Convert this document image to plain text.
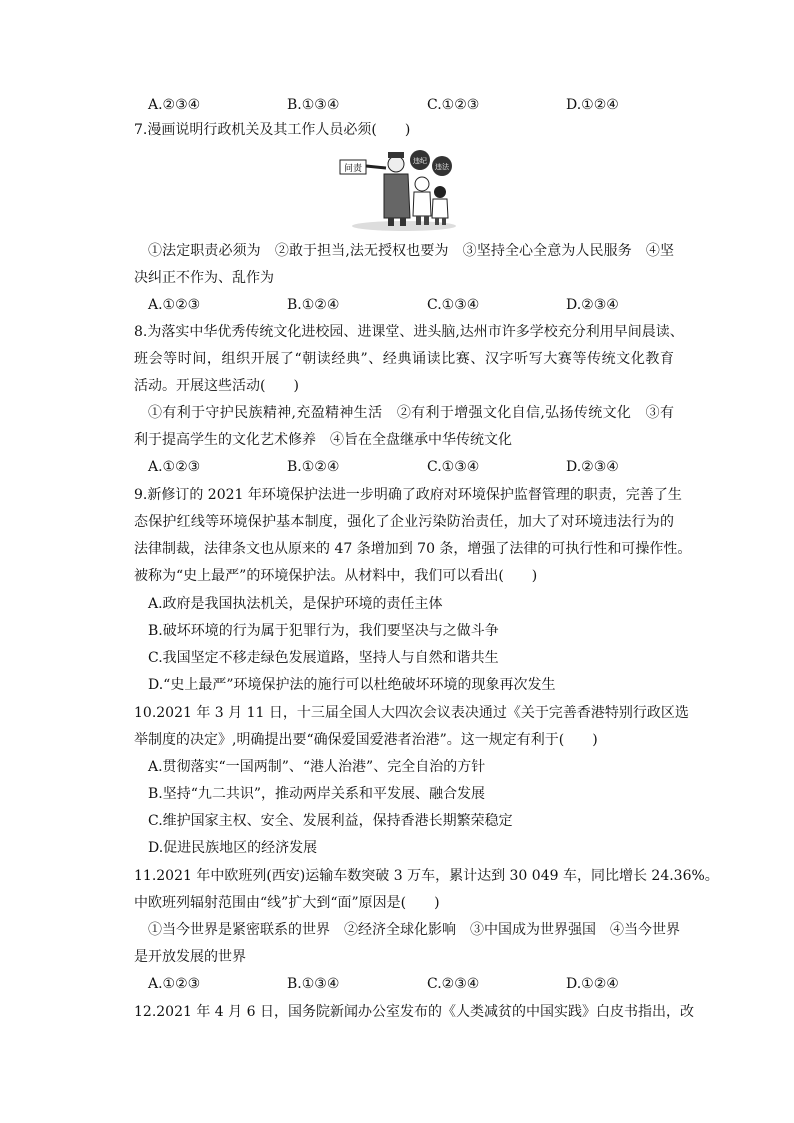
A.②③④	B.①③④	C.①②③	D.①②④
7.漫画说明行政机关及其工作人员必须(　　)
问责
违纪
违法
①法定职责必须为　②敢于担当,法无授权也要为　③坚持全心全意为人民服务　④坚
决纠正不作为、乱作为
A.①②③	B.①②④	C.①③④	D.②③④
8.为落实中华优秀传统文化进校园、进课堂、进头脑,达州市许多学校充分利用早间晨读、
班会等时间，组织开展了“朝读经典”、经典诵读比赛、汉字听写大赛等传统文化教育
活动。开展这些活动(　　)
①有利于守护民族精神,充盈精神生活　②有利于增强文化自信,弘扬传统文化　③有
利于提高学生的文化艺术修养　④旨在全盘继承中华传统文化
A.①②③	B.①②④	C.①③④	D.②③④
9.新修订的 2021 年环境保护法进一步明确了政府对环境保护监督管理的职责，完善了生
态保护红线等环境保护基本制度，强化了企业污染防治责任，加大了对环境违法行为的
法律制裁，法律条文也从原来的 47 条增加到 70 条，增强了法律的可执行性和可操作性。
被称为“史上最严”的环境保护法。从材料中，我们可以看出(　　)
A.政府是我国执法机关，是保护环境的责任主体
B.破坏环境的行为属于犯罪行为，我们要坚决与之做斗争
C.我国坚定不移走绿色发展道路，坚持人与自然和谐共生
D.“史上最严”环境保护法的施行可以杜绝破坏环境的现象再次发生
10.2021 年 3 月 11 日，十三届全国人大四次会议表决通过《关于完善香港特别行政区选
举制度的决定》,明确提出要“确保爱国爱港者治港”。这一规定有利于(　　)
A.贯彻落实“一国两制”、“港人治港”、完全自治的方针
B.坚持“九二共识”，推动两岸关系和平发展、融合发展
C.维护国家主权、安全、发展利益，保持香港长期繁荣稳定
D.促进民族地区的经济发展
11.2021 年中欧班列(西安)运输车数突破 3 万车，累计达到 30 049 车，同比增长 24.36%。
中欧班列辐射范围由“线”扩大到“面”原因是(　　)
①当今世界是紧密联系的世界　②经济全球化影响　③中国成为世界强国　④当今世界
是开放发展的世界
A.①②③	B.①③④	C.②③④	D.①②④
12.2021 年 4 月 6 日，国务院新闻办公室发布的《人类减贫的中国实践》白皮书指出，改
